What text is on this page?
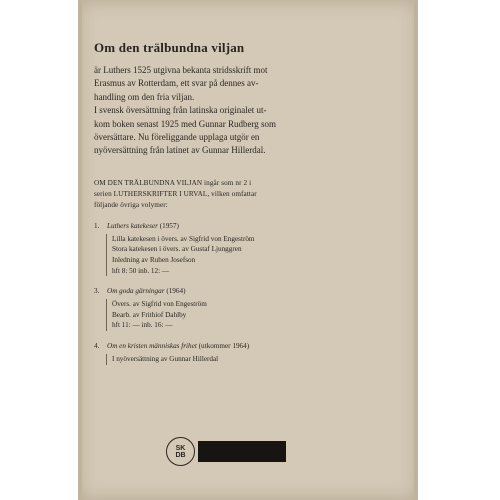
Om den trälbundna viljan

är Luthers 1525 utgivna bekanta stridsskrift mot
Erasmus av Rotterdam, ett svar på dennes av-
handling om den fria viljan.
I svensk översättning från latinska originalet ut-
kom boken senast 1925 med Gunnar Rudberg som
översättare. Nu föreliggande upplaga utgör en
nyöversättning från latinet av Gunnar Hillerdal.

OM DEN TRÄLBUNDNA VILJAN ingår som nr 2 i
serien LUTHERSKRIFTER I URVAL, vilken omfattar
följande övriga volymer:

1.	Luthers katekeser (1957)
Lilla katekesen i övers. av Sigfrid von Engeström
Stora katekesen i övers. av Gustaf Ljunggren
Inledning av Ruben Josefson
hft 8: 50 inb. 12: —
3.	Om goda gärningar (1964)
Övers. av Sigfrid von Engeström
Bearb. av Frithiof Dahlby
hft 11: — inb. 16: —
4.	Om en kristen människas frihet (utkommer 1964)
I nyöversättning av Gunnar Hillerdal
SK
DB
